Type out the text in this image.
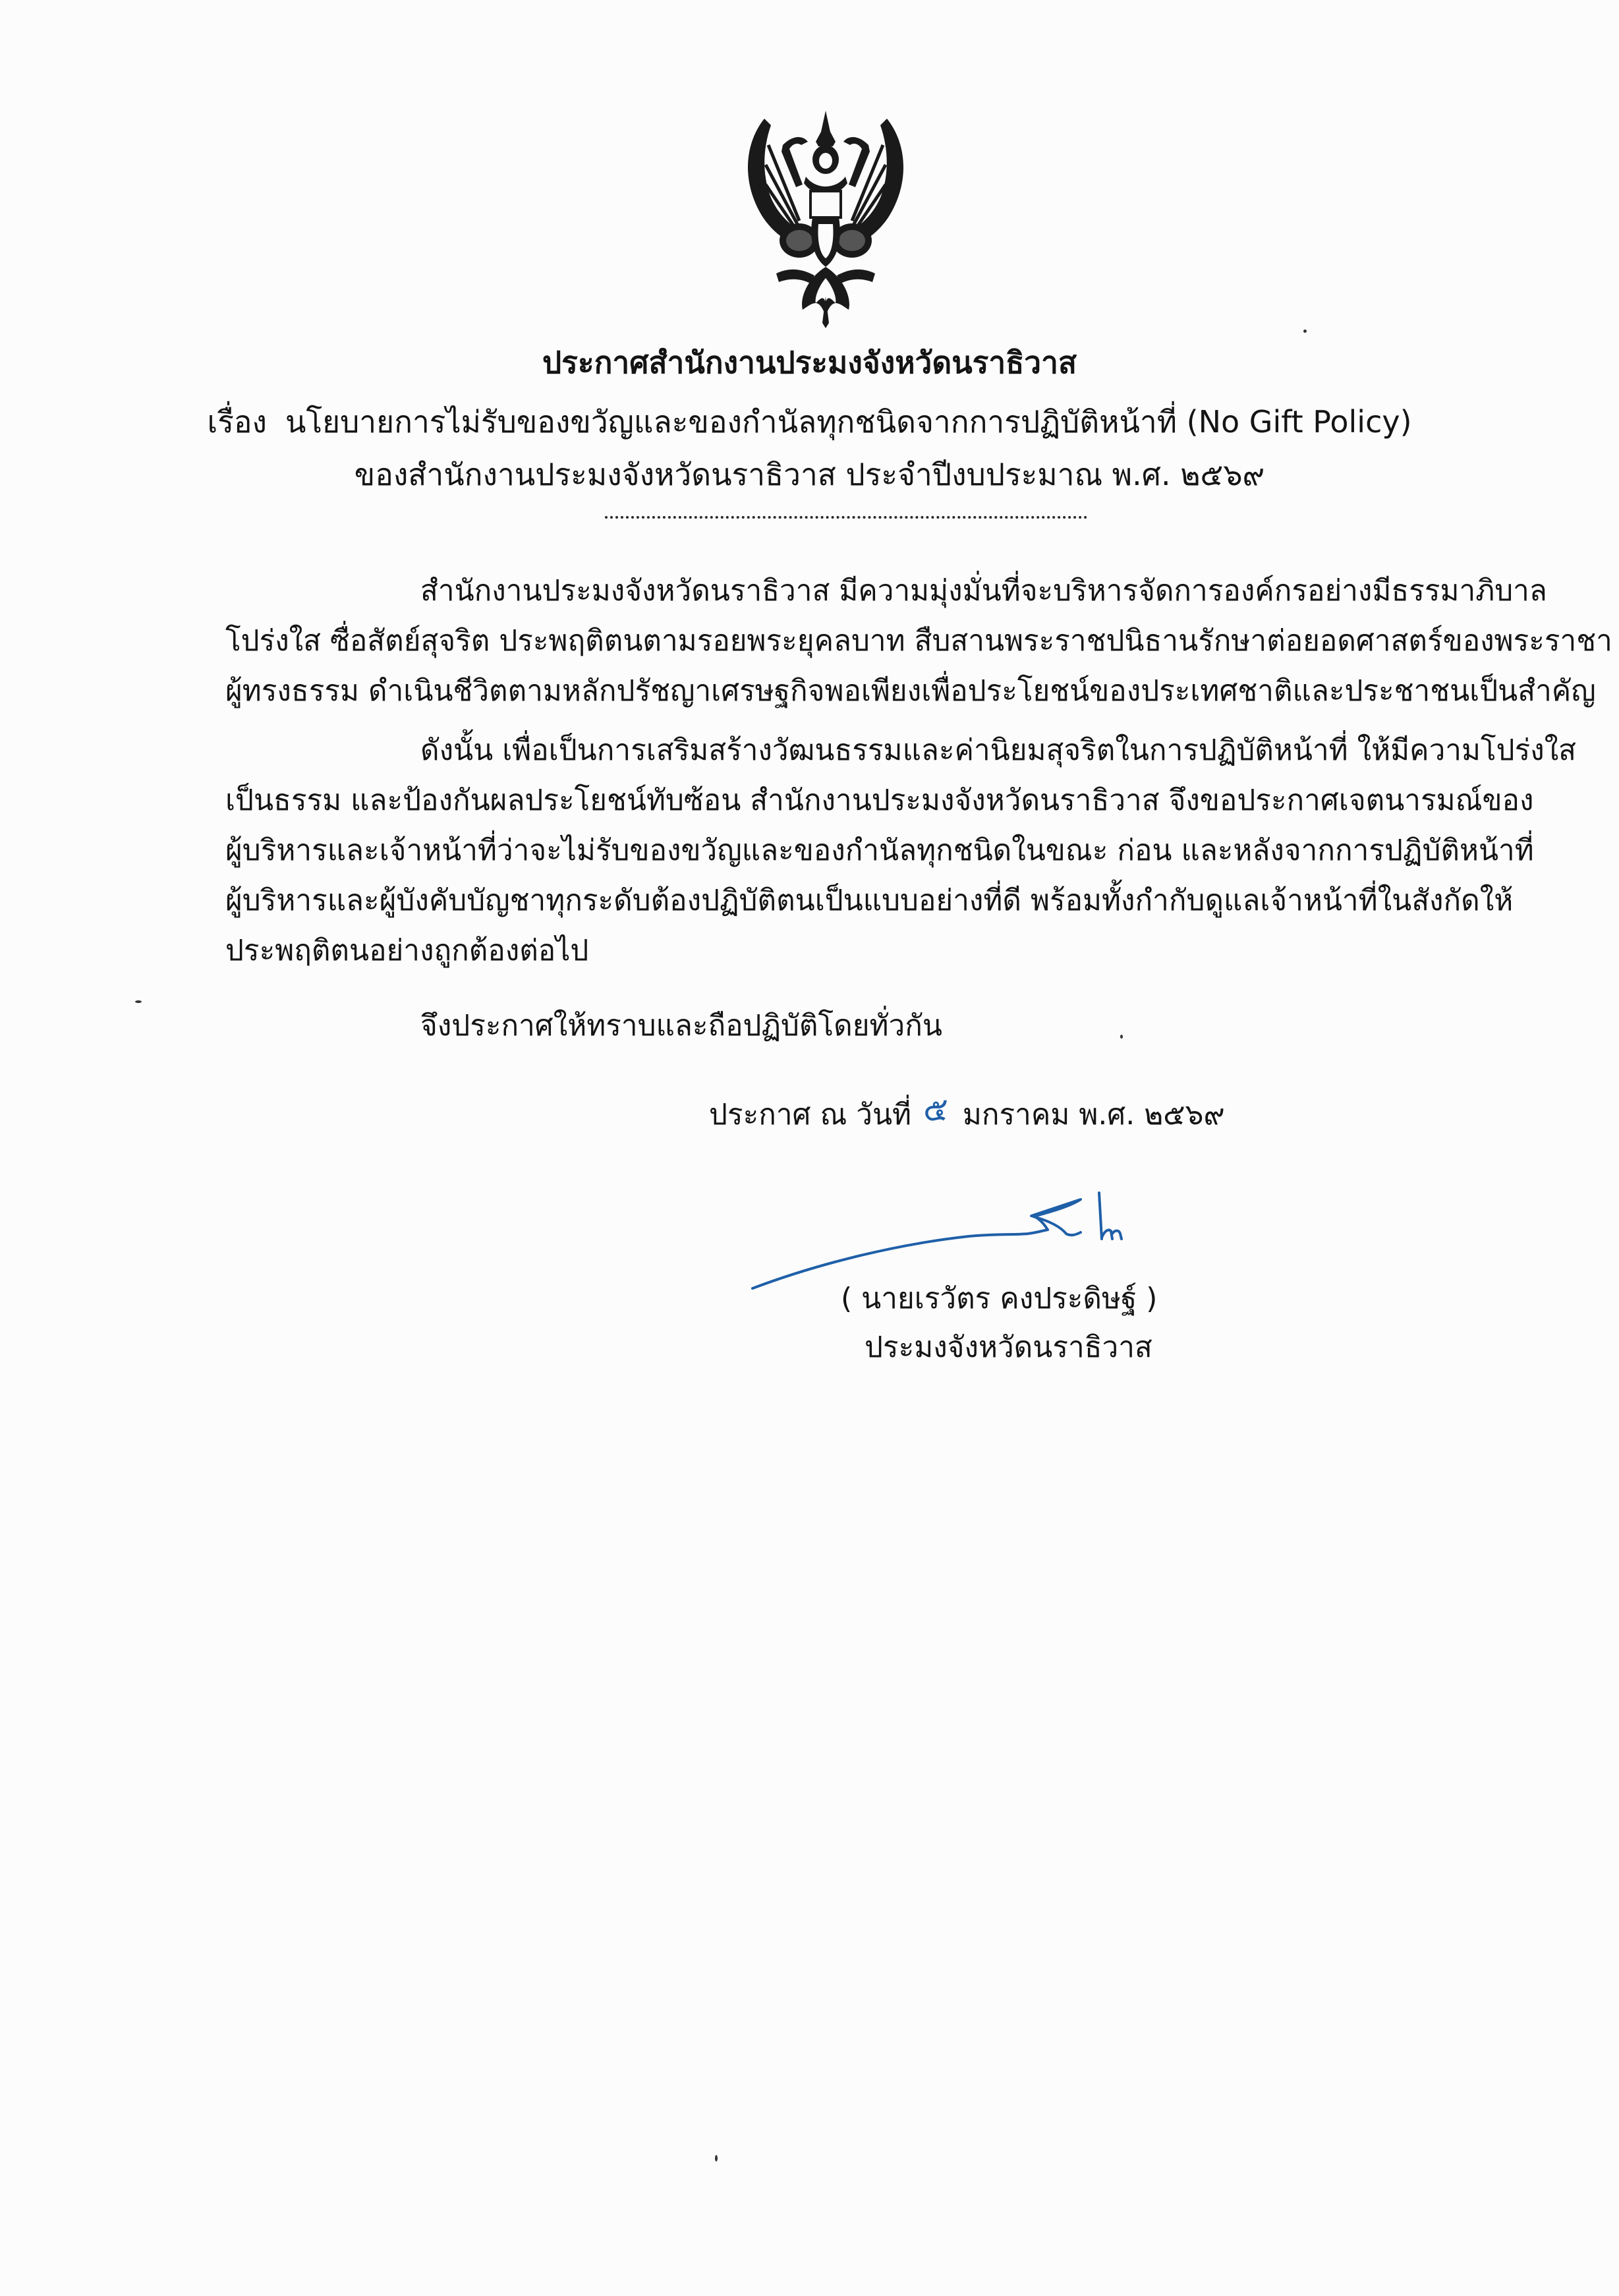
ประกาศสำนักงานประมงจังหวัดนราธิวาส
เรื่อง นโยบายการไม่รับของขวัญและของกำนัลทุกชนิดจากการปฏิบัติหน้าที่ (No Gift Policy)
ของสำนักงานประมงจังหวัดนราธิวาส ประจำปีงบประมาณ พ.ศ. ๒๕๖๙
สำนักงานประมงจังหวัดนราธิวาส มีความมุ่งมั่นที่จะบริหารจัดการองค์กรอย่างมีธรรมาภิบาล
โปร่งใส ซื่อสัตย์สุจริต ประพฤติตนตามรอยพระยุคลบาท สืบสานพระราชปนิธานรักษาต่อยอดศาสตร์ของพระราชา
ผู้ทรงธรรม ดำเนินชีวิตตามหลักปรัชญาเศรษฐกิจพอเพียงเพื่อประโยชน์ของประเทศชาติและประชาชนเป็นสำคัญ
ดังนั้น เพื่อเป็นการเสริมสร้างวัฒนธรรมและค่านิยมสุจริตในการปฏิบัติหน้าที่ ให้มีความโปร่งใส
เป็นธรรม และป้องกันผลประโยชน์ทับซ้อน สำนักงานประมงจังหวัดนราธิวาส จึงขอประกาศเจตนารมณ์ของ
ผู้บริหารและเจ้าหน้าที่ว่าจะไม่รับของขวัญและของกำนัลทุกชนิดในขณะ ก่อน และหลังจากการปฏิบัติหน้าที่
ผู้บริหารและผู้บังคับบัญชาทุกระดับต้องปฏิบัติตนเป็นแบบอย่างที่ดี พร้อมทั้งกำกับดูแลเจ้าหน้าที่ในสังกัดให้
ประพฤติตนอย่างถูกต้องต่อไป
จึงประกาศให้ทราบและถือปฏิบัติโดยทั่วกัน
ประกาศ ณ วันที่ ๕ มกราคม พ.ศ. ๒๕๖๙
( นายเรวัตร คงประดิษฐ์ )
ประมงจังหวัดนราธิวาส
